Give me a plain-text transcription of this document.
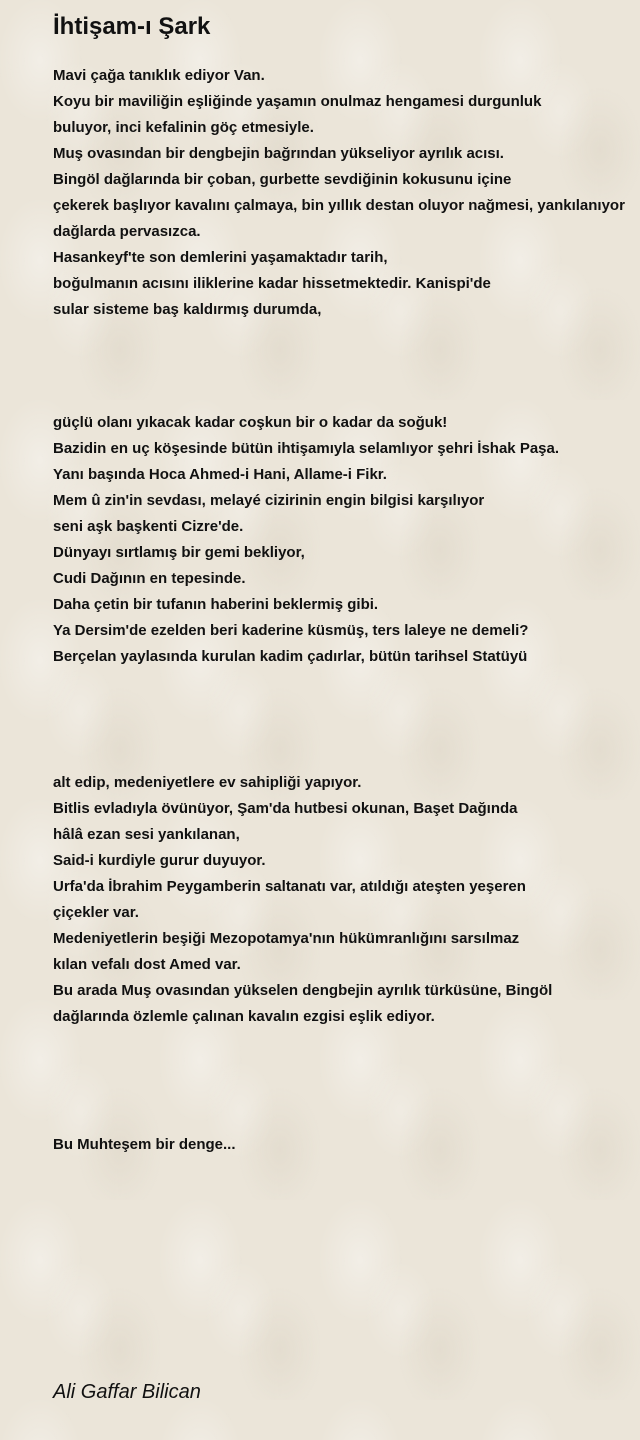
İhtişam-ı Şark
Mavi çağa tanıklık ediyor Van.
Koyu bir maviliğin eşliğinde yaşamın onulmaz hengamesi durgunluk
buluyor, inci kefalinin göç etmesiyle.
Muş ovasından bir dengbejin bağrından yükseliyor ayrılık acısı.
Bingöl dağlarında bir çoban, gurbette sevdiğinin kokusunu içine
çekerek başlıyor kavalını çalmaya, bin yıllık destan oluyor nağmesi, yankılanıyor
dağlarda pervasızca.
Hasankeyf'te son demlerini yaşamaktadır tarih,
boğulmanın acısını iliklerine kadar hissetmektedir. Kanispi'de
sular sisteme baş kaldırmış durumda,
güçlü olanı yıkacak kadar coşkun bir o kadar da soğuk!
Bazidin en uç köşesinde bütün ihtişamıyla selamlıyor şehri İshak Paşa.
Yanı başında Hoca Ahmed-i Hani, Allame-i Fikr.
Mem û zin'in sevdası, melayé cizirinin engin bilgisi karşılıyor
seni aşk başkenti Cizre'de.
Dünyayı sırtlamış bir gemi bekliyor,
Cudi Dağının en tepesinde.
Daha çetin bir tufanın haberini beklermiş gibi.
Ya Dersim'de ezelden beri kaderine küsmüş, ters laleye ne demeli?
Berçelan yaylasında kurulan kadim çadırlar, bütün tarihsel Statüyü
alt edip, medeniyetlere ev sahipliği yapıyor.
Bitlis evladıyla övünüyor, Şam'da hutbesi okunan, Başet Dağında
hâlâ ezan sesi yankılanan,
Said-i kurdiyle gurur duyuyor.
Urfa'da İbrahim Peygamberin saltanatı var, atıldığı ateşten yeşeren
çiçekler var.
Medeniyetlerin beşiği Mezopotamya'nın hükümranlığını sarsılmaz
kılan vefalı dost Amed var.
Bu arada Muş ovasından yükselen dengbejin ayrılık türküsüne, Bingöl
dağlarında özlemle çalınan kavalın ezgisi eşlik ediyor.
Bu Muhteşem bir denge...
Ali Gaffar Bilican
